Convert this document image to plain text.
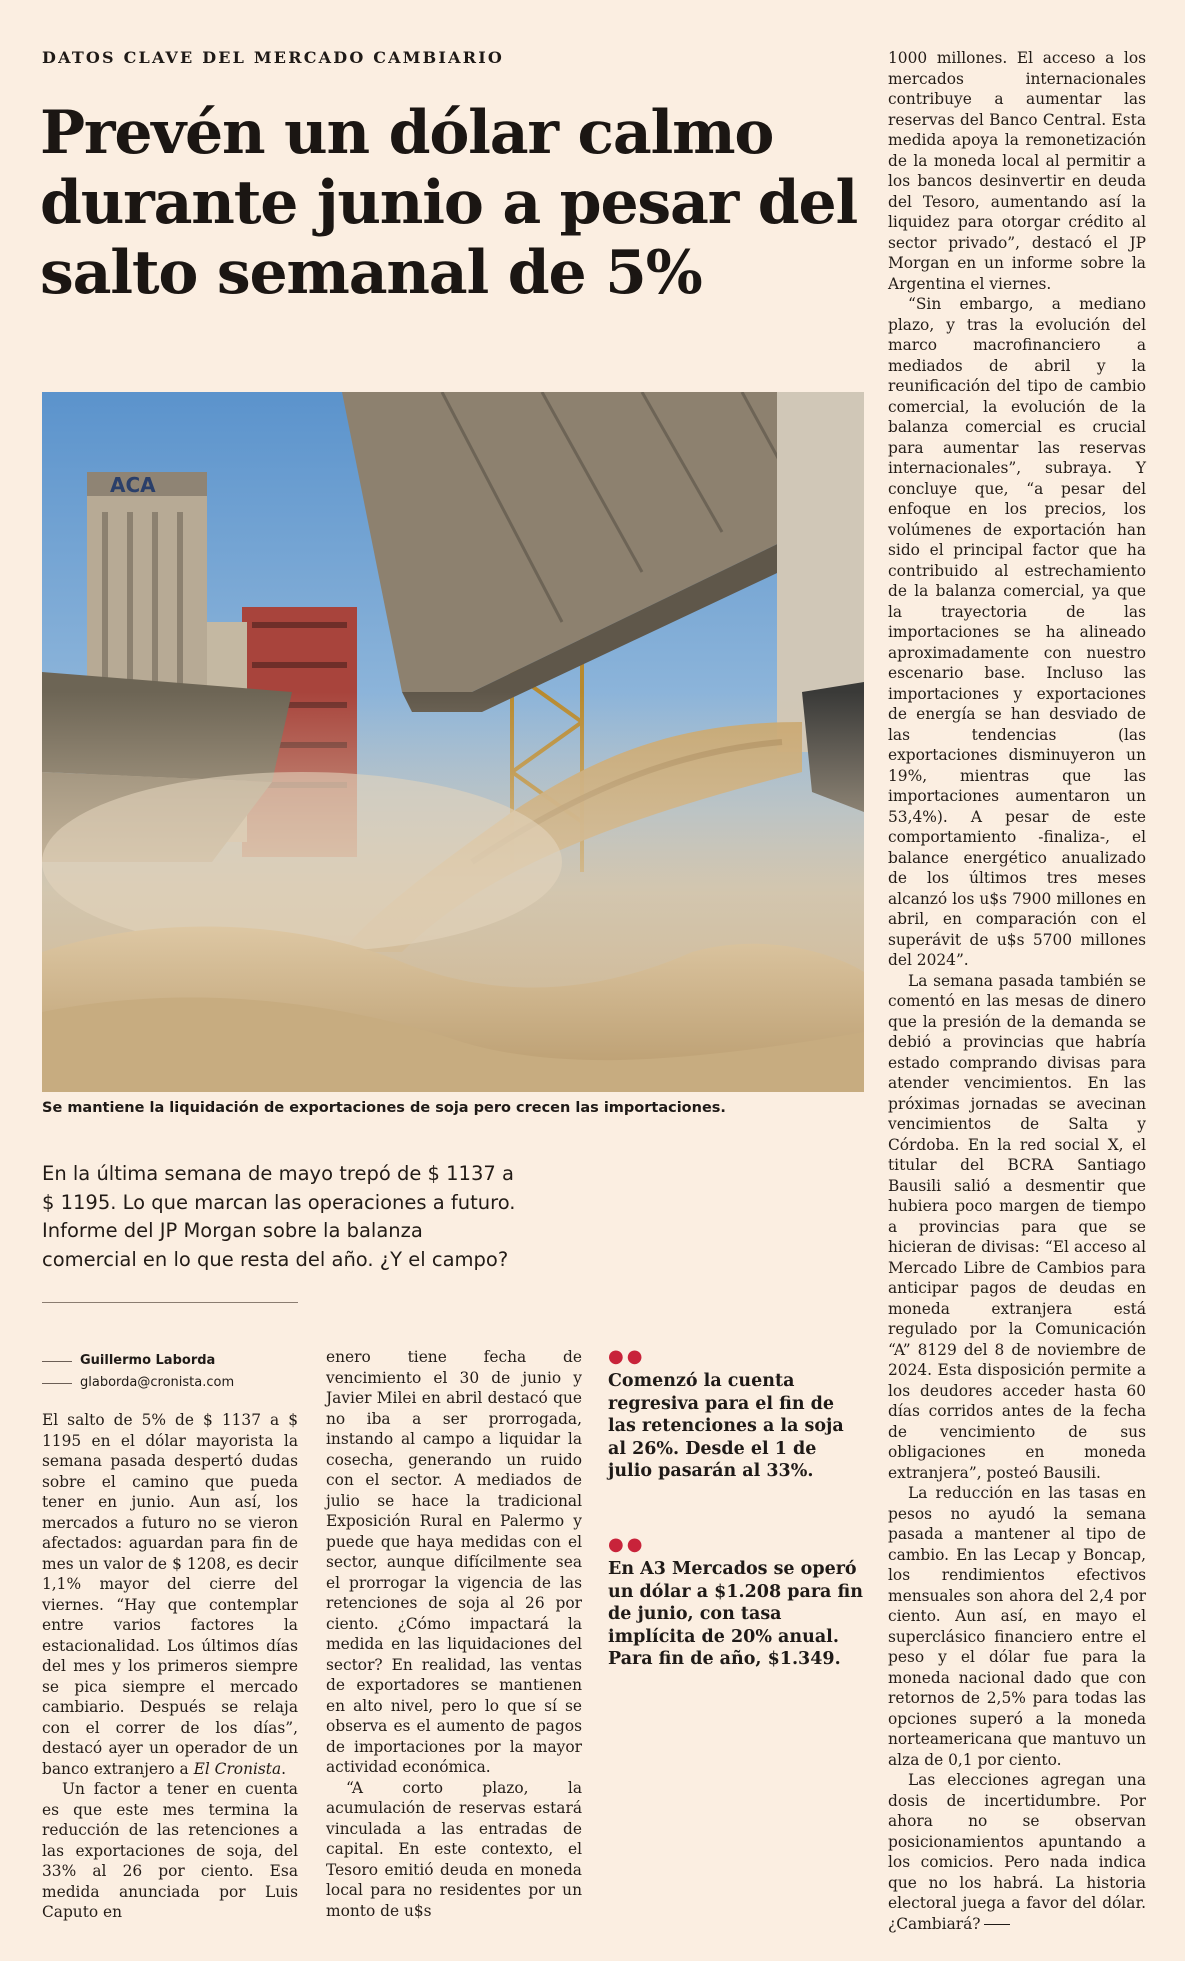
DATOS CLAVE DEL MERCADO CAMBIARIO
Prevén un dólar calmo durante junio a pesar del salto semanal de 5%
ACA
Se mantiene la liquidación de exportaciones de soja pero crecen las importaciones.
En la última semana de mayo trepó de $ 1137 a $ 1195. Lo que marcan las operaciones a futuro. Informe del JP Morgan sobre la balanza comercial en lo que resta del año. ¿Y el campo?
Guillermo Laborda
glaborda@cronista.com

El salto de 5% de $ 1137 a $ 1195 en el dólar mayorista la semana pasada despertó dudas sobre el camino que pueda tener en junio. Aun así, los mercados a futuro no se vieron afectados: aguardan para fin de mes un valor de $ 1208, es decir 1,1% mayor del cierre del viernes. “Hay que contemplar entre varios factores la estacionalidad. Los últimos días del mes y los primeros siempre se pica siempre el mercado cambiario. Después se relaja con el correr de los días”, destacó ayer un operador de un banco extranjero a El Cronista.

Un factor a tener en cuenta es que este mes termina la reducción de las retenciones a las exportaciones de soja, del 33% al 26 por ciento. Esa medida anunciada por Luis Caputo en

enero tiene fecha de vencimiento el 30 de junio y Javier Milei en abril destacó que no iba a ser prorrogada, instando al campo a liquidar la cosecha, generando un ruido con el sector. A mediados de julio se hace la tradicional Exposición Rural en Palermo y puede que haya medidas con el sector, aunque difícilmente sea el prorrogar la vigencia de las retenciones de soja al 26 por ciento. ¿Cómo impactará la medida en las liquidaciones del sector? En realidad, las ventas de exportadores se mantienen en alto nivel, pero lo que sí se observa es el aumento de pagos de importaciones por la mayor actividad económica.

“A corto plazo, la acumulación de reservas estará vinculada a las entradas de capital. En este contexto, el Tesoro emitió deuda en moneda local para no residentes por un monto de u$s

●●
Comenzó la cuenta regresiva para el fin de las retenciones a la soja al 26%. Desde el 1 de julio pasarán al 33%.
●●
En A3 Mercados se operó un dólar a $1.208 para fin de junio, con tasa implícita de 20% anual. Para fin de año, $1.349.

1000 millones. El acceso a los mercados internacionales contribuye a aumentar las reservas del Banco Central. Esta medida apoya la remonetización de la moneda local al permitir a los bancos desinvertir en deuda del Tesoro, aumentando así la liquidez para otorgar crédito al sector privado”, destacó el JP Morgan en un informe sobre la Argentina el viernes.

“Sin embargo, a mediano plazo, y tras la evolución del marco macrofinanciero a mediados de abril y la reunificación del tipo de cambio comercial, la evolución de la balanza comercial es crucial para aumentar las reservas internacionales”, subraya. Y concluye que, “a pesar del enfoque en los precios, los volúmenes de exportación han sido el principal factor que ha contribuido al estrechamiento de la balanza comercial, ya que la trayectoria de las importaciones se ha alineado aproximadamente con nuestro escenario base. Incluso las importaciones y exportaciones de energía se han desviado de las tendencias (las exportaciones disminuyeron un 19%, mientras que las importaciones aumentaron un 53,4%). A pesar de este comportamiento -finaliza-, el balance energético anualizado de los últimos tres meses alcanzó los u$s 7900 millones en abril, en comparación con el superávit de u$s 5700 millones del 2024”.

La semana pasada también se comentó en las mesas de dinero que la presión de la demanda se debió a provincias que habría estado comprando divisas para atender vencimientos. En las próximas jornadas se avecinan vencimientos de Salta y Córdoba. En la red social X, el titular del BCRA Santiago Bausili salió a desmentir que hubiera poco margen de tiempo a provincias para que se hicieran de divisas: “El acceso al Mercado Libre de Cambios para anticipar pagos de deudas en moneda extranjera está regulado por la Comunicación “A” 8129 del 8 de noviembre de 2024. Esta disposición permite a los deudores acceder hasta 60 días corridos antes de la fecha de vencimiento de sus obligaciones en moneda extranjera”, posteó Bausili.

La reducción en las tasas en pesos no ayudó la semana pasada a mantener al tipo de cambio. En las Lecap y Boncap, los rendimientos efectivos mensuales son ahora del 2,4 por ciento. Aun así, en mayo el superclásico financiero entre el peso y el dólar fue para la moneda nacional dado que con retornos de 2,5% para todas las opciones superó a la moneda norteamericana que mantuvo un alza de 0,1 por ciento.

Las elecciones agregan una dosis de incertidumbre. Por ahora no se observan posicionamientos apuntando a los comicios. Pero nada indica que no los habrá. La historia electoral juega a favor del dólar. ¿Cambiará?
